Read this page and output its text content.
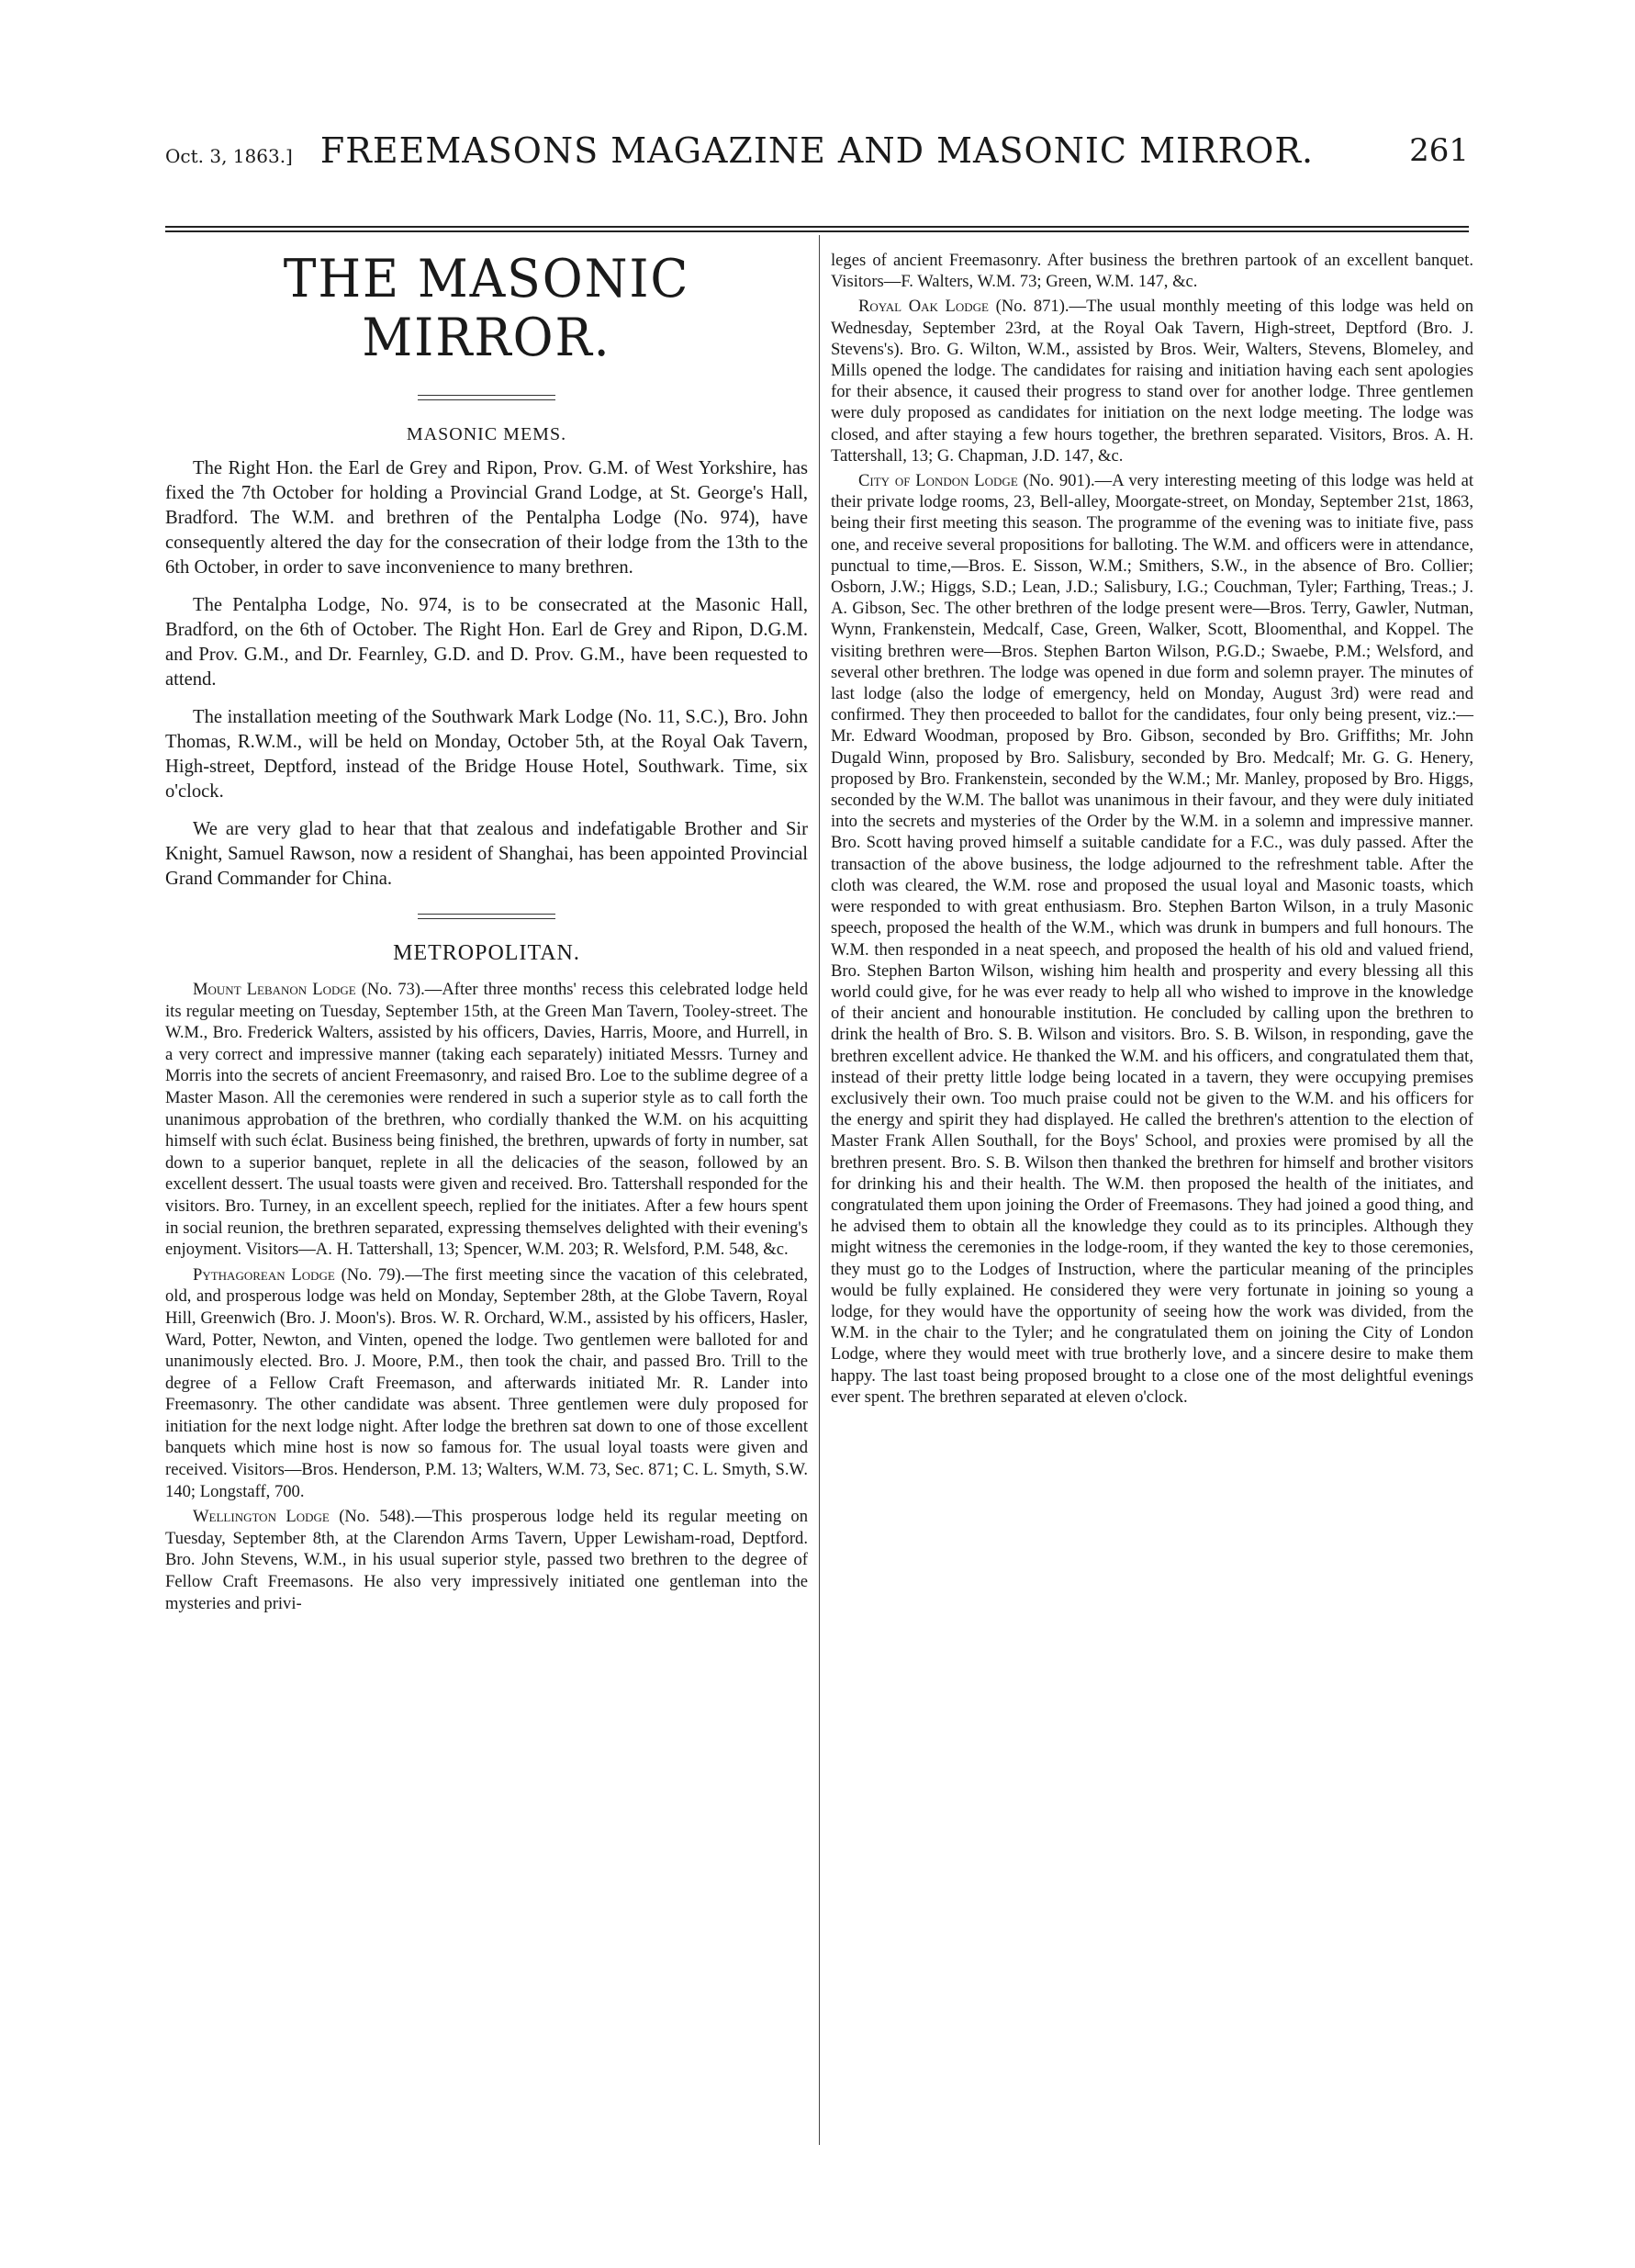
Oct. 3, 1863.] FREEMASONS MAGAZINE AND MASONIC MIRROR.	261
THE MASONIC MIRROR.
MASONIC MEMS.

The Right Hon. the Earl de Grey and Ripon, Prov. G.M. of West Yorkshire, has fixed the 7th October for holding a Provincial Grand Lodge, at St. George's Hall, Bradford. The W.M. and brethren of the Pentalpha Lodge (No. 974), have consequently altered the day for the consecration of their lodge from the 13th to the 6th October, in order to save inconvenience to many brethren.

The Pentalpha Lodge, No. 974, is to be consecrated at the Masonic Hall, Bradford, on the 6th of October. The Right Hon. Earl de Grey and Ripon, D.G.M. and Prov. G.M., and Dr. Fearnley, G.D. and D. Prov. G.M., have been requested to attend.

The installation meeting of the Southwark Mark Lodge (No. 11, S.C.), Bro. John Thomas, R.W.M., will be held on Monday, October 5th, at the Royal Oak Tavern, High-street, Deptford, instead of the Bridge House Hotel, Southwark. Time, six o'clock.

We are very glad to hear that that zealous and indefatigable Brother and Sir Knight, Samuel Rawson, now a resident of Shanghai, has been appointed Provincial Grand Commander for China.

METROPOLITAN.

Mount Lebanon Lodge (No. 73).—After three months' recess this celebrated lodge held its regular meeting on Tuesday, September 15th, at the Green Man Tavern, Tooley-street. The W.M., Bro. Frederick Walters, assisted by his officers, Davies, Harris, Moore, and Hurrell, in a very correct and impressive manner (taking each separately) initiated Messrs. Turney and Morris into the secrets of ancient Freemasonry, and raised Bro. Loe to the sublime degree of a Master Mason. All the ceremonies were rendered in such a superior style as to call forth the unanimous approbation of the brethren, who cordially thanked the W.M. on his acquitting himself with such éclat. Business being finished, the brethren, upwards of forty in number, sat down to a superior banquet, replete in all the delicacies of the season, followed by an excellent dessert. The usual toasts were given and received. Bro. Tattershall responded for the visitors. Bro. Turney, in an excellent speech, replied for the initiates. After a few hours spent in social reunion, the brethren separated, expressing themselves delighted with their evening's enjoyment. Visitors—A. H. Tattershall, 13; Spencer, W.M. 203; R. Welsford, P.M. 548, &c.

Pythagorean Lodge (No. 79).—The first meeting since the vacation of this celebrated, old, and prosperous lodge was held on Monday, September 28th, at the Globe Tavern, Royal Hill, Greenwich (Bro. J. Moon's). Bros. W. R. Orchard, W.M., assisted by his officers, Hasler, Ward, Potter, Newton, and Vinten, opened the lodge. Two gentlemen were balloted for and unanimously elected. Bro. J. Moore, P.M., then took the chair, and passed Bro. Trill to the degree of a Fellow Craft Freemason, and afterwards initiated Mr. R. Lander into Freemasonry. The other candidate was absent. Three gentlemen were duly proposed for initiation for the next lodge night. After lodge the brethren sat down to one of those excellent banquets which mine host is now so famous for. The usual loyal toasts were given and received. Visitors—Bros. Henderson, P.M. 13; Walters, W.M. 73, Sec. 871; C. L. Smyth, S.W. 140; Longstaff, 700.

Wellington Lodge (No. 548).—This prosperous lodge held its regular meeting on Tuesday, September 8th, at the Clarendon Arms Tavern, Upper Lewisham-road, Deptford. Bro. John Stevens, W.M., in his usual superior style, passed two brethren to the degree of Fellow Craft Freemasons. He also very impressively initiated one gentleman into the mysteries and privi-

leges of ancient Freemasonry. After business the brethren partook of an excellent banquet. Visitors—F. Walters, W.M. 73; Green, W.M. 147, &c.

Royal Oak Lodge (No. 871).—The usual monthly meeting of this lodge was held on Wednesday, September 23rd, at the Royal Oak Tavern, High-street, Deptford (Bro. J. Stevens's). Bro. G. Wilton, W.M., assisted by Bros. Weir, Walters, Stevens, Blomeley, and Mills opened the lodge. The candidates for raising and initiation having each sent apologies for their absence, it caused their progress to stand over for another lodge. Three gentlemen were duly proposed as candidates for initiation on the next lodge meeting. The lodge was closed, and after staying a few hours together, the brethren separated. Visitors, Bros. A. H. Tattershall, 13; G. Chapman, J.D. 147, &c.

City of London Lodge (No. 901).—A very interesting meeting of this lodge was held at their private lodge rooms, 23, Bell-alley, Moorgate-street, on Monday, September 21st, 1863, being their first meeting this season. The programme of the evening was to initiate five, pass one, and receive several propositions for balloting. The W.M. and officers were in attendance, punctual to time,—Bros. E. Sisson, W.M.; Smithers, S.W., in the absence of Bro. Collier; Osborn, J.W.; Higgs, S.D.; Lean, J.D.; Salisbury, I.G.; Couchman, Tyler; Farthing, Treas.; J. A. Gibson, Sec. The other brethren of the lodge present were—Bros. Terry, Gawler, Nutman, Wynn, Frankenstein, Medcalf, Case, Green, Walker, Scott, Bloomenthal, and Koppel. The visiting brethren were—Bros. Stephen Barton Wilson, P.G.D.; Swaebe, P.M.; Welsford, and several other brethren. The lodge was opened in due form and solemn prayer. The minutes of last lodge (also the lodge of emergency, held on Monday, August 3rd) were read and confirmed. They then proceeded to ballot for the candidates, four only being present, viz.:—Mr. Edward Woodman, proposed by Bro. Gibson, seconded by Bro. Griffiths; Mr. John Dugald Winn, proposed by Bro. Salisbury, seconded by Bro. Medcalf; Mr. G. G. Henery, proposed by Bro. Frankenstein, seconded by the W.M.; Mr. Manley, proposed by Bro. Higgs, seconded by the W.M. The ballot was unanimous in their favour, and they were duly initiated into the secrets and mysteries of the Order by the W.M. in a solemn and impressive manner. Bro. Scott having proved himself a suitable candidate for a F.C., was duly passed. After the transaction of the above business, the lodge adjourned to the refreshment table. After the cloth was cleared, the W.M. rose and proposed the usual loyal and Masonic toasts, which were responded to with great enthusiasm. Bro. Stephen Barton Wilson, in a truly Masonic speech, proposed the health of the W.M., which was drunk in bumpers and full honours. The W.M. then responded in a neat speech, and proposed the health of his old and valued friend, Bro. Stephen Barton Wilson, wishing him health and prosperity and every blessing all this world could give, for he was ever ready to help all who wished to improve in the knowledge of their ancient and honourable institution. He concluded by calling upon the brethren to drink the health of Bro. S. B. Wilson and visitors. Bro. S. B. Wilson, in responding, gave the brethren excellent advice. He thanked the W.M. and his officers, and congratulated them that, instead of their pretty little lodge being located in a tavern, they were occupying premises exclusively their own. Too much praise could not be given to the W.M. and his officers for the energy and spirit they had displayed. He called the brethren's attention to the election of Master Frank Allen Southall, for the Boys' School, and proxies were promised by all the brethren present. Bro. S. B. Wilson then thanked the brethren for himself and brother visitors for drinking his and their health. The W.M. then proposed the health of the initiates, and congratulated them upon joining the Order of Freemasons. They had joined a good thing, and he advised them to obtain all the knowledge they could as to its principles. Although they might witness the ceremonies in the lodge-room, if they wanted the key to those ceremonies, they must go to the Lodges of Instruction, where the particular meaning of the principles would be fully explained. He considered they were very fortunate in joining so young a lodge, for they would have the opportunity of seeing how the work was divided, from the W.M. in the chair to the Tyler; and he congratulated them on joining the City of London Lodge, where they would meet with true brotherly love, and a sincere desire to make them happy. The last toast being proposed brought to a close one of the most delightful evenings ever spent. The brethren separated at eleven o'clock.
